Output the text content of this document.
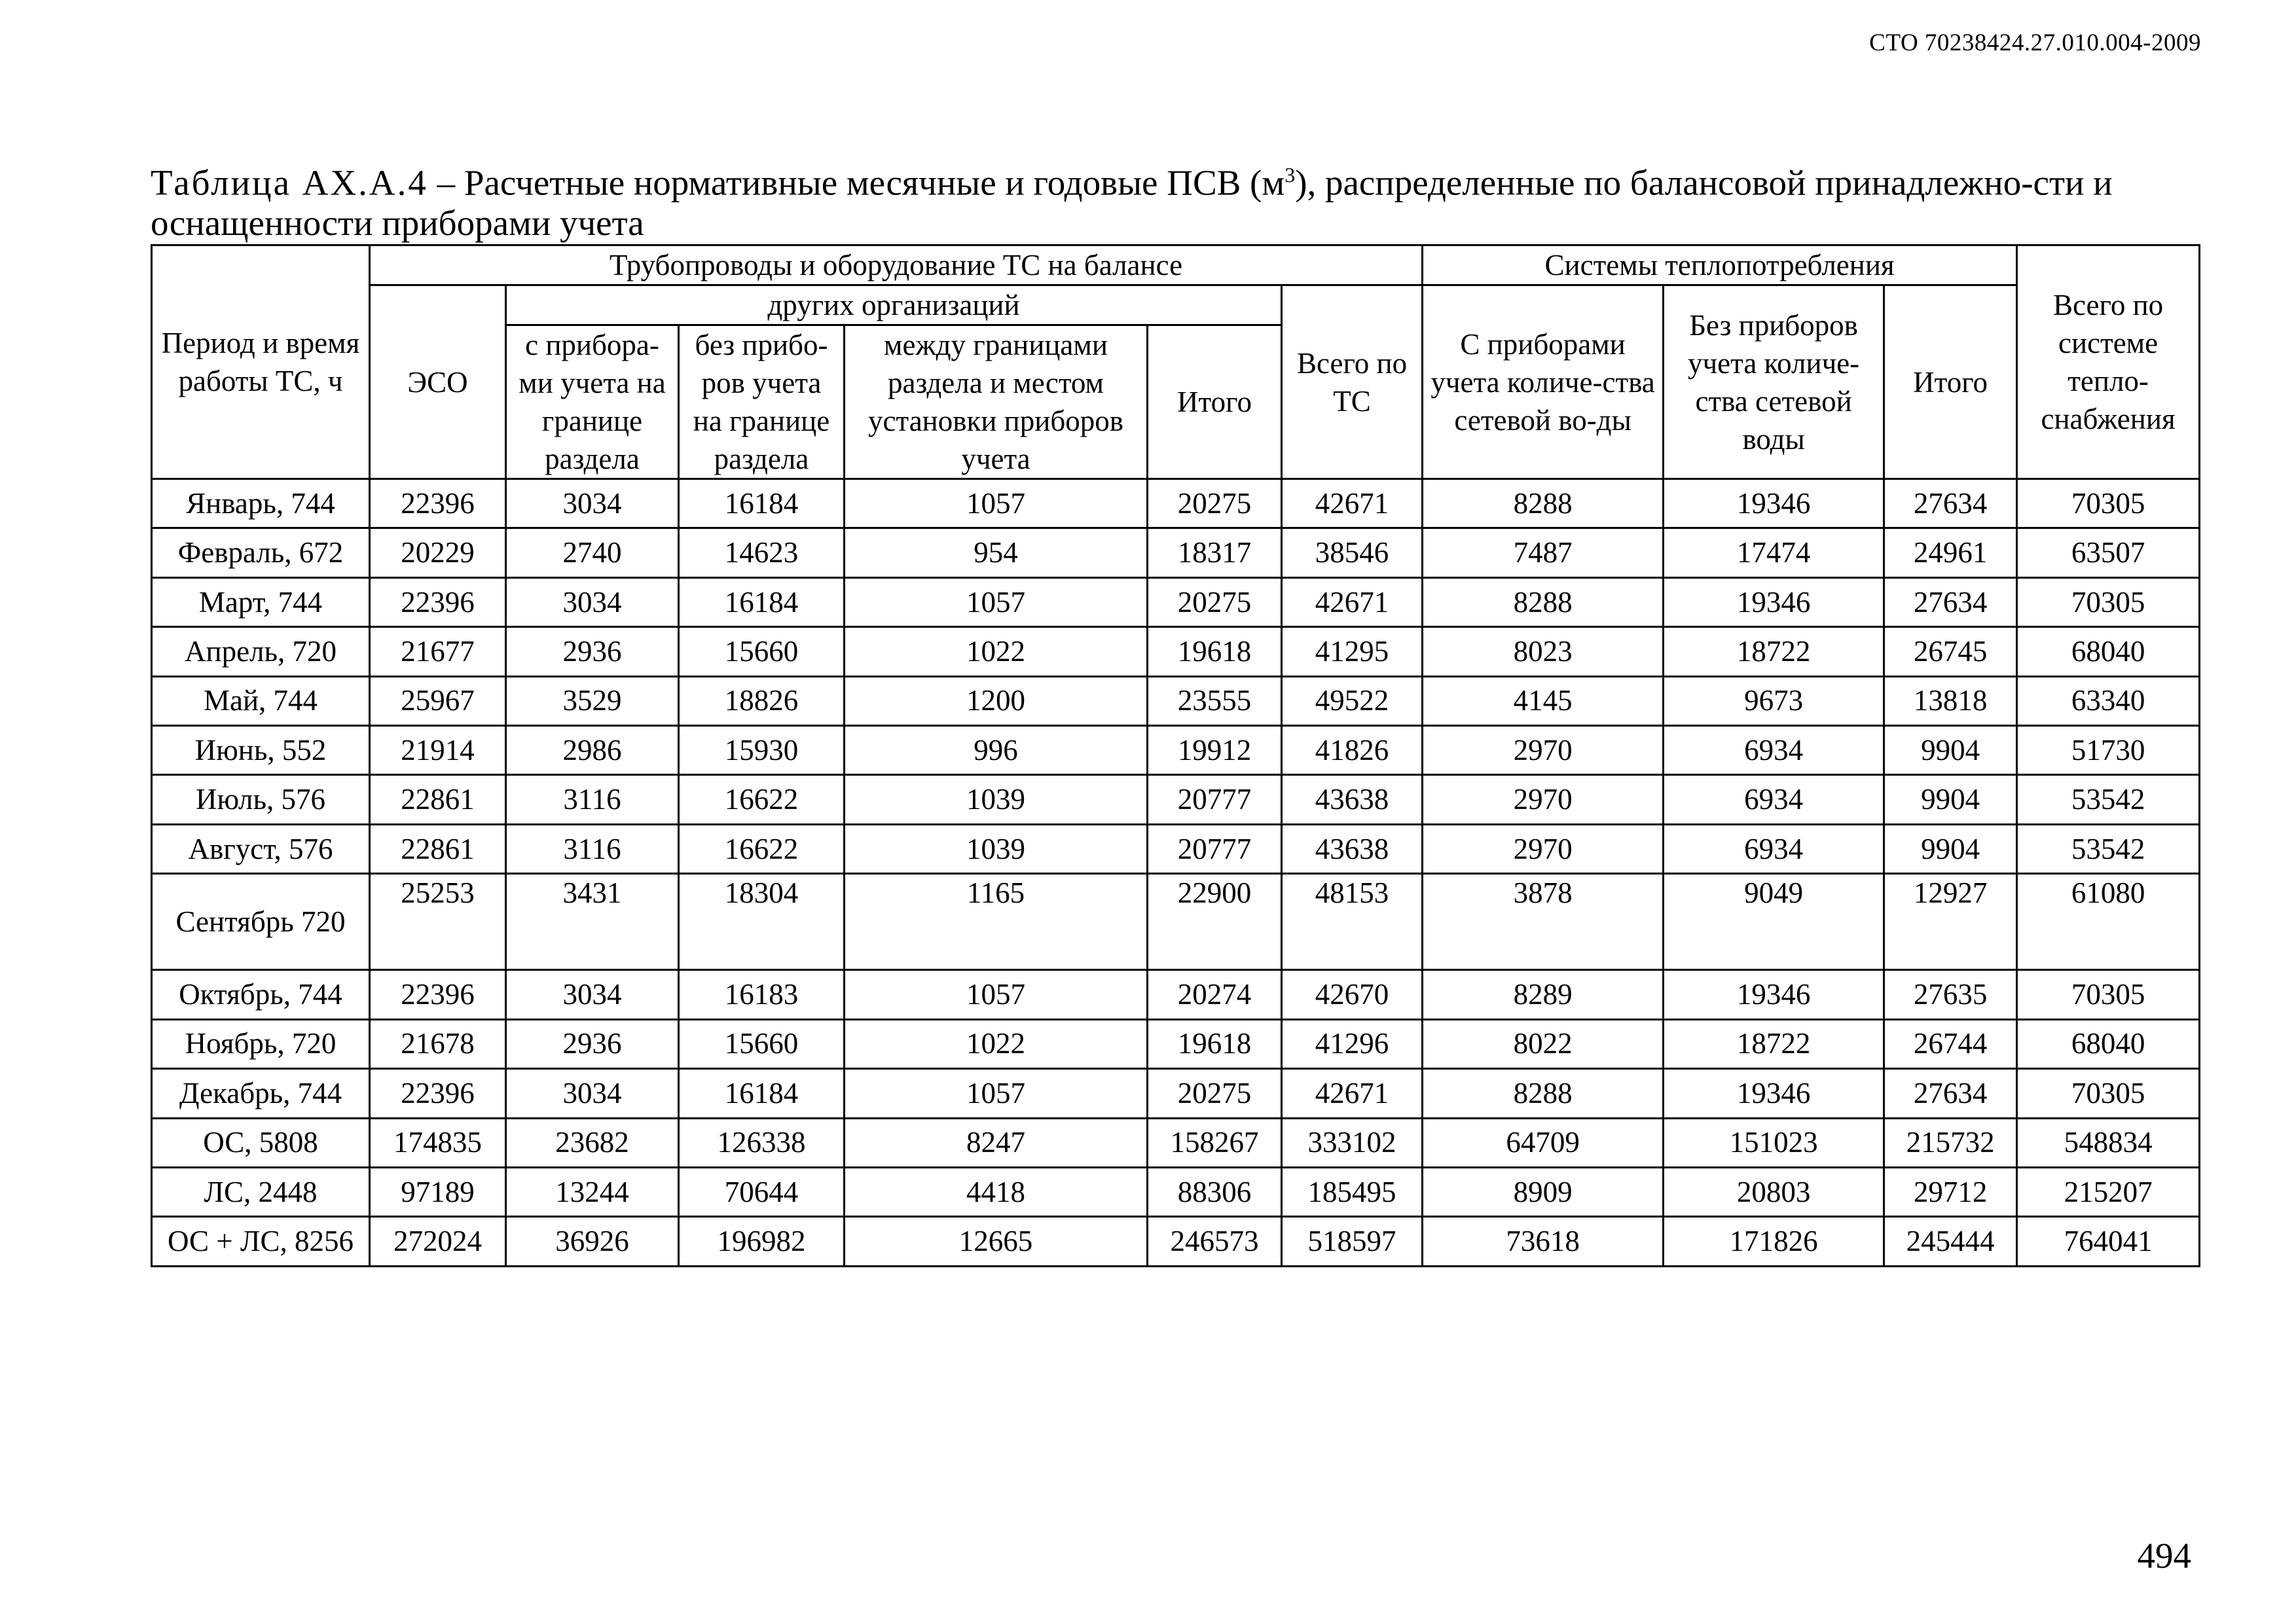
СТО 70238424.27.010.004-2009
Таблица АХ.А.4 – Расчетные нормативные месячные и годовые ПСВ $(м^3)$, распределенные по балансовой принадлежно-сти и оснащенности приборами учета
Период и время работы ТС, ч	Трубопроводы и оборудование ТС на балансе						Системы теплопотребления			Всего по системе тепло-снабжения
	ЭСО	других организаций				Всего по ТС	С приборами учета количе-ства сетевой во-ды	Без приборов учета количе-ства сетевой воды	Итого	
		с прибора-ми учета на границе раздела	без прибо-ров учета на границе раздела	между границами раздела и местом установки приборов учета	Итого					

Январь, 744	22396	3034	16184	1057	20275	42671	8288	19346	27634	70305
Февраль, 672	20229	2740	14623	954	18317	38546	7487	17474	24961	63507
Март, 744	22396	3034	16184	1057	20275	42671	8288	19346	27634	70305
Апрель, 720	21677	2936	15660	1022	19618	41295	8023	18722	26745	68040
Май, 744	25967	3529	18826	1200	23555	49522	4145	9673	13818	63340
Июнь, 552	21914	2986	15930	996	19912	41826	2970	6934	9904	51730
Июль, 576	22861	3116	16622	1039	20777	43638	2970	6934	9904	53542
Август, 576	22861	3116	16622	1039	20777	43638	2970	6934	9904	53542
Сентябрь 720	25253	3431	18304	1165	22900	48153	3878	9049	12927	61080
Октябрь, 744	22396	3034	16183	1057	20274	42670	8289	19346	27635	70305
Ноябрь, 720	21678	2936	15660	1022	19618	41296	8022	18722	26744	68040
Декабрь, 744	22396	3034	16184	1057	20275	42671	8288	19346	27634	70305
ОС, 5808	174835	23682	126338	8247	158267	333102	64709	151023	215732	548834
ЛС, 2448	97189	13244	70644	4418	88306	185495	8909	20803	29712	215207
ОС + ЛС, 8256	272024	36926	196982	12665	246573	518597	73618	171826	245444	764041
494
